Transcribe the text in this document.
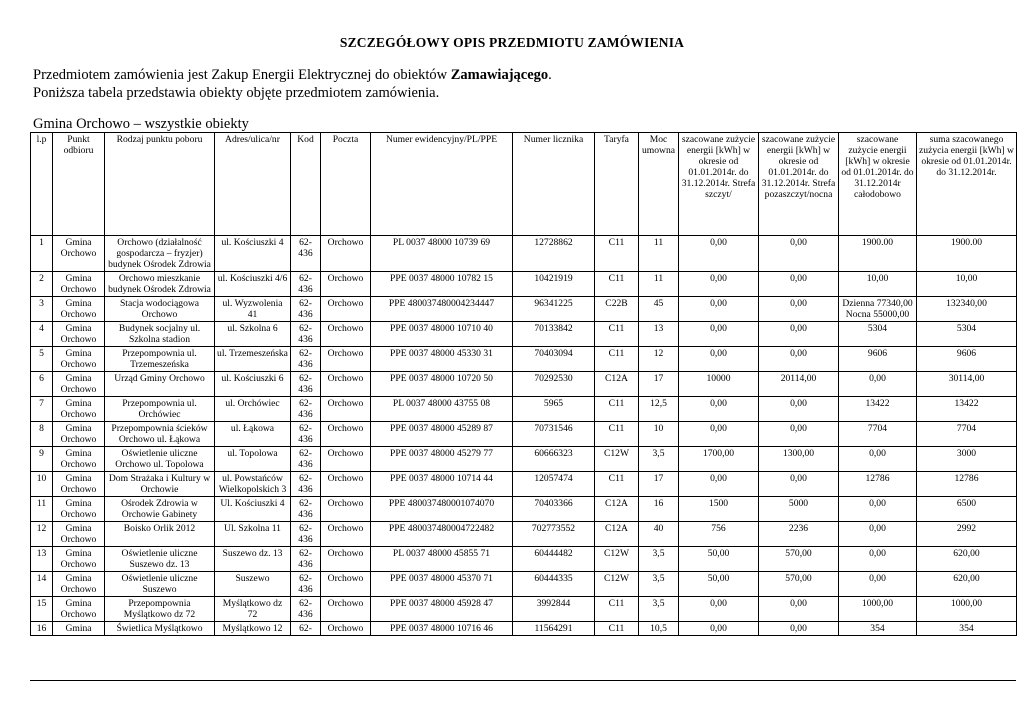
SZCZEGÓŁOWY OPIS PRZEDMIOTU ZAMÓWIENIA
Przedmiotem zamówienia jest Zakup Energii Elektrycznej do obiektów Zamawiającego.
Poniższa tabela przedstawia obiekty objęte przedmiotem zamówienia.
Gmina Orchowo – wszystkie obiekty
l.p	Punkt odbioru	Rodzaj punktu poboru	Adres/ulica/nr	Kod	Poczta	Numer ewidencyjny/PL/PPE	Numer licznika	Taryfa	Moc umowna	szacowane zużycie energii [kWh] w okresie od 01.01.2014r. do 31.12.2014r. Strefa szczyt/	szacowane zużycie energii [kWh] w okresie od 01.01.2014r. do 31.12.2014r. Strefa pozaszczyt/nocna	szacowane zużycie energii [kWh] w okresie od 01.01.2014r. do 31.12.2014r całodobowo	suma szacowanego zużycia energii [kWh] w okresie od 01.01.2014r. do 31.12.2014r.
1	Gmina Orchowo	Orchowo (działalność gospodarcza – fryzjer) budynek Ośrodek Zdrowia	ul. Kościuszki 4	62-436	Orchowo	PL 0037 48000 10739 69	12728862	C11	11	0,00	0,00	1900.00	1900.00
2	Gmina Orchowo	Orchowo mieszkanie budynek Ośrodek Zdrowia	ul. Kościuszki 4/6	62-436	Orchowo	PPE 0037 48000 10782 15	10421919	C11	11	0,00	0,00	10,00	10,00
3	Gmina Orchowo	Stacja wodociągowa Orchowo	ul. Wyzwolenia 41	62-436	Orchowo	PPE 480037480004234447	96341225	C22B	45	0,00	0,00	Dzienna 77340,00 Nocna 55000,00	132340,00
4	Gmina Orchowo	Budynek socjalny ul. Szkolna stadion	ul. Szkolna 6	62-436	Orchowo	PPE 0037 48000 10710 40	70133842	C11	13	0,00	0,00	5304	5304
5	Gmina Orchowo	Przepompownia ul. Trzemeszeńska	ul. Trzemeszeńska	62-436	Orchowo	PPE 0037 48000 45330 31	70403094	C11	12	0,00	0,00	9606	9606
6	Gmina Orchowo	Urząd Gminy Orchowo	ul. Kościuszki 6	62-436	Orchowo	PPE 0037 48000 10720 50	70292530	C12A	17	10000	20114,00	0,00	30114,00
7	Gmina Orchowo	Przepompownia ul. Orchówiec	ul. Orchówiec	62-436	Orchowo	PL 0037 48000 43755 08	5965	C11	12,5	0,00	0,00	13422	13422
8	Gmina Orchowo	Przepompownia ścieków Orchowo ul. Łąkowa	ul. Łąkowa	62-436	Orchowo	PPE 0037 48000 45289 87	70731546	C11	10	0,00	0,00	7704	7704
9	Gmina Orchowo	Oświetlenie uliczne Orchowo ul. Topolowa	ul. Topolowa	62-436	Orchowo	PPE 0037 48000 45279 77	60666323	C12W	3,5	1700,00	1300,00	0,00	3000
10	Gmina Orchowo	Dom Strażaka i Kultury w Orchowie	ul. Powstańców Wielkopolskich 3	62-436	Orchowo	PPE 0037 48000 10714 44	12057474	C11	17	0,00	0,00	12786	12786
11	Gmina Orchowo	Ośrodek Zdrowia w Orchowie Gabinety	Ul. Kościuszki 4	62-436	Orchowo	PPE 480037480001074070	70403366	C12A	16	1500	5000	0,00	6500
12	Gmina Orchowo	Boisko Orlik 2012	Ul. Szkolna 11	62-436	Orchowo	PPE 480037480004722482	702773552	C12A	40	756	2236	0,00	2992
13	Gmina Orchowo	Oświetlenie uliczne Suszewo dz. 13	Suszewo dz. 13	62-436	Orchowo	PL 0037 48000 45855 71	60444482	C12W	3,5	50,00	570,00	0,00	620,00
14	Gmina Orchowo	Oświetlenie uliczne Suszewo	Suszewo	62-436	Orchowo	PPE 0037 48000 45370 71	60444335	C12W	3,5	50,00	570,00	0,00	620,00
15	Gmina Orchowo	Przepompownia Myślątkowo dz 72	Myślątkowo dz 72	62-436	Orchowo	PPE 0037 48000 45928 47	3992844	C11	3,5	0,00	0,00	1000,00	1000,00
16	Gmina	Świetlica Myślątkowo	Myślątkowo 12	62-	Orchowo	PPE 0037 48000 10716 46	11564291	C11	10,5	0,00	0,00	354	354
